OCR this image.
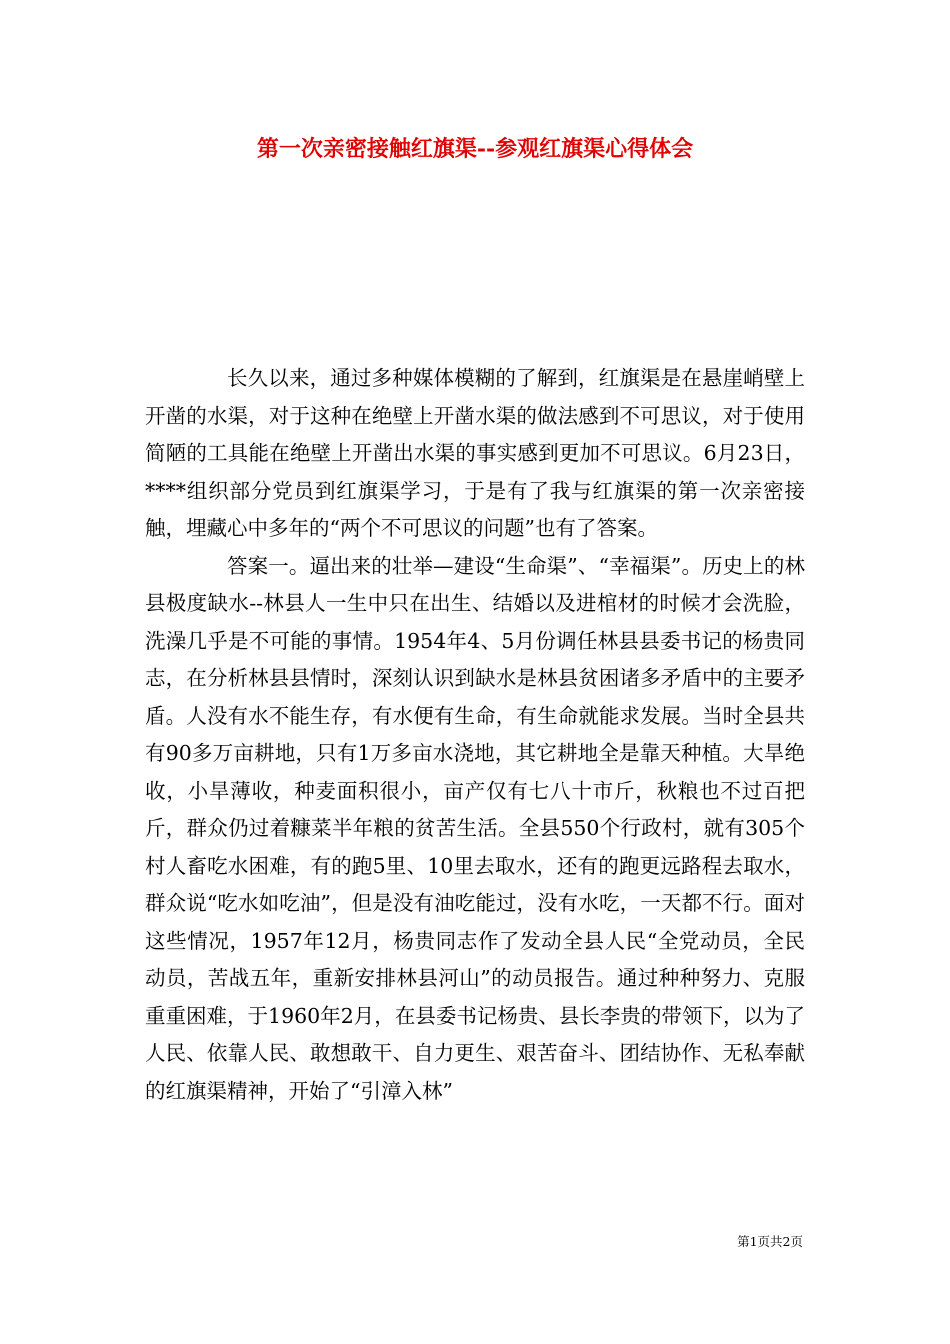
第一次亲密接触红旗渠--参观红旗渠心得体会

长久以来，通过多种媒体模糊的了解到，红旗渠是在悬崖峭壁上开凿的水渠，对于这种在绝壁上开凿水渠的做法感到不可思议，对于使用简陋的工具能在绝壁上开凿出水渠的事实感到更加不可思议。6月23日，****组织部分党员到红旗渠学习，于是有了我与红旗渠的第一次亲密接触，埋藏心中多年的“两个不可思议的问题”也有了答案。

答案一。逼出来的壮举—建设“生命渠”、“幸福渠”。历史上的林县极度缺水--林县人一生中只在出生、结婚以及进棺材的时候才会洗脸，洗澡几乎是不可能的事情。1954年4、5月份调任林县县委书记的杨贵同志，在分析林县县情时，深刻认识到缺水是林县贫困诸多矛盾中的主要矛盾。人没有水不能生存，有水便有生命，有生命就能求发展。当时全县共有90多万亩耕地，只有1万多亩水浇地，其它耕地全是靠天种植。大旱绝收，小旱薄收，种麦面积很小，亩产仅有七八十市斤，秋粮也不过百把斤，群众仍过着糠菜半年粮的贫苦生活。全县550个行政村，就有305个村人畜吃水困难，有的跑5里、10里去取水，还有的跑更远路程去取水，群众说“吃水如吃油”，但是没有油吃能过，没有水吃，一天都不行。面对这些情况，1957年12月，杨贵同志作了发动全县人民“全党动员，全民动员，苦战五年，重新安排林县河山”的动员报告。通过种种努力、克服重重困难，于1960年2月，在县委书记杨贵、县长李贵的带领下，以为了人民、依靠人民、敢想敢干、自力更生、艰苦奋斗、团结协作、无私奉献的红旗渠精神，开始了“引漳入林”

第1页共2页
